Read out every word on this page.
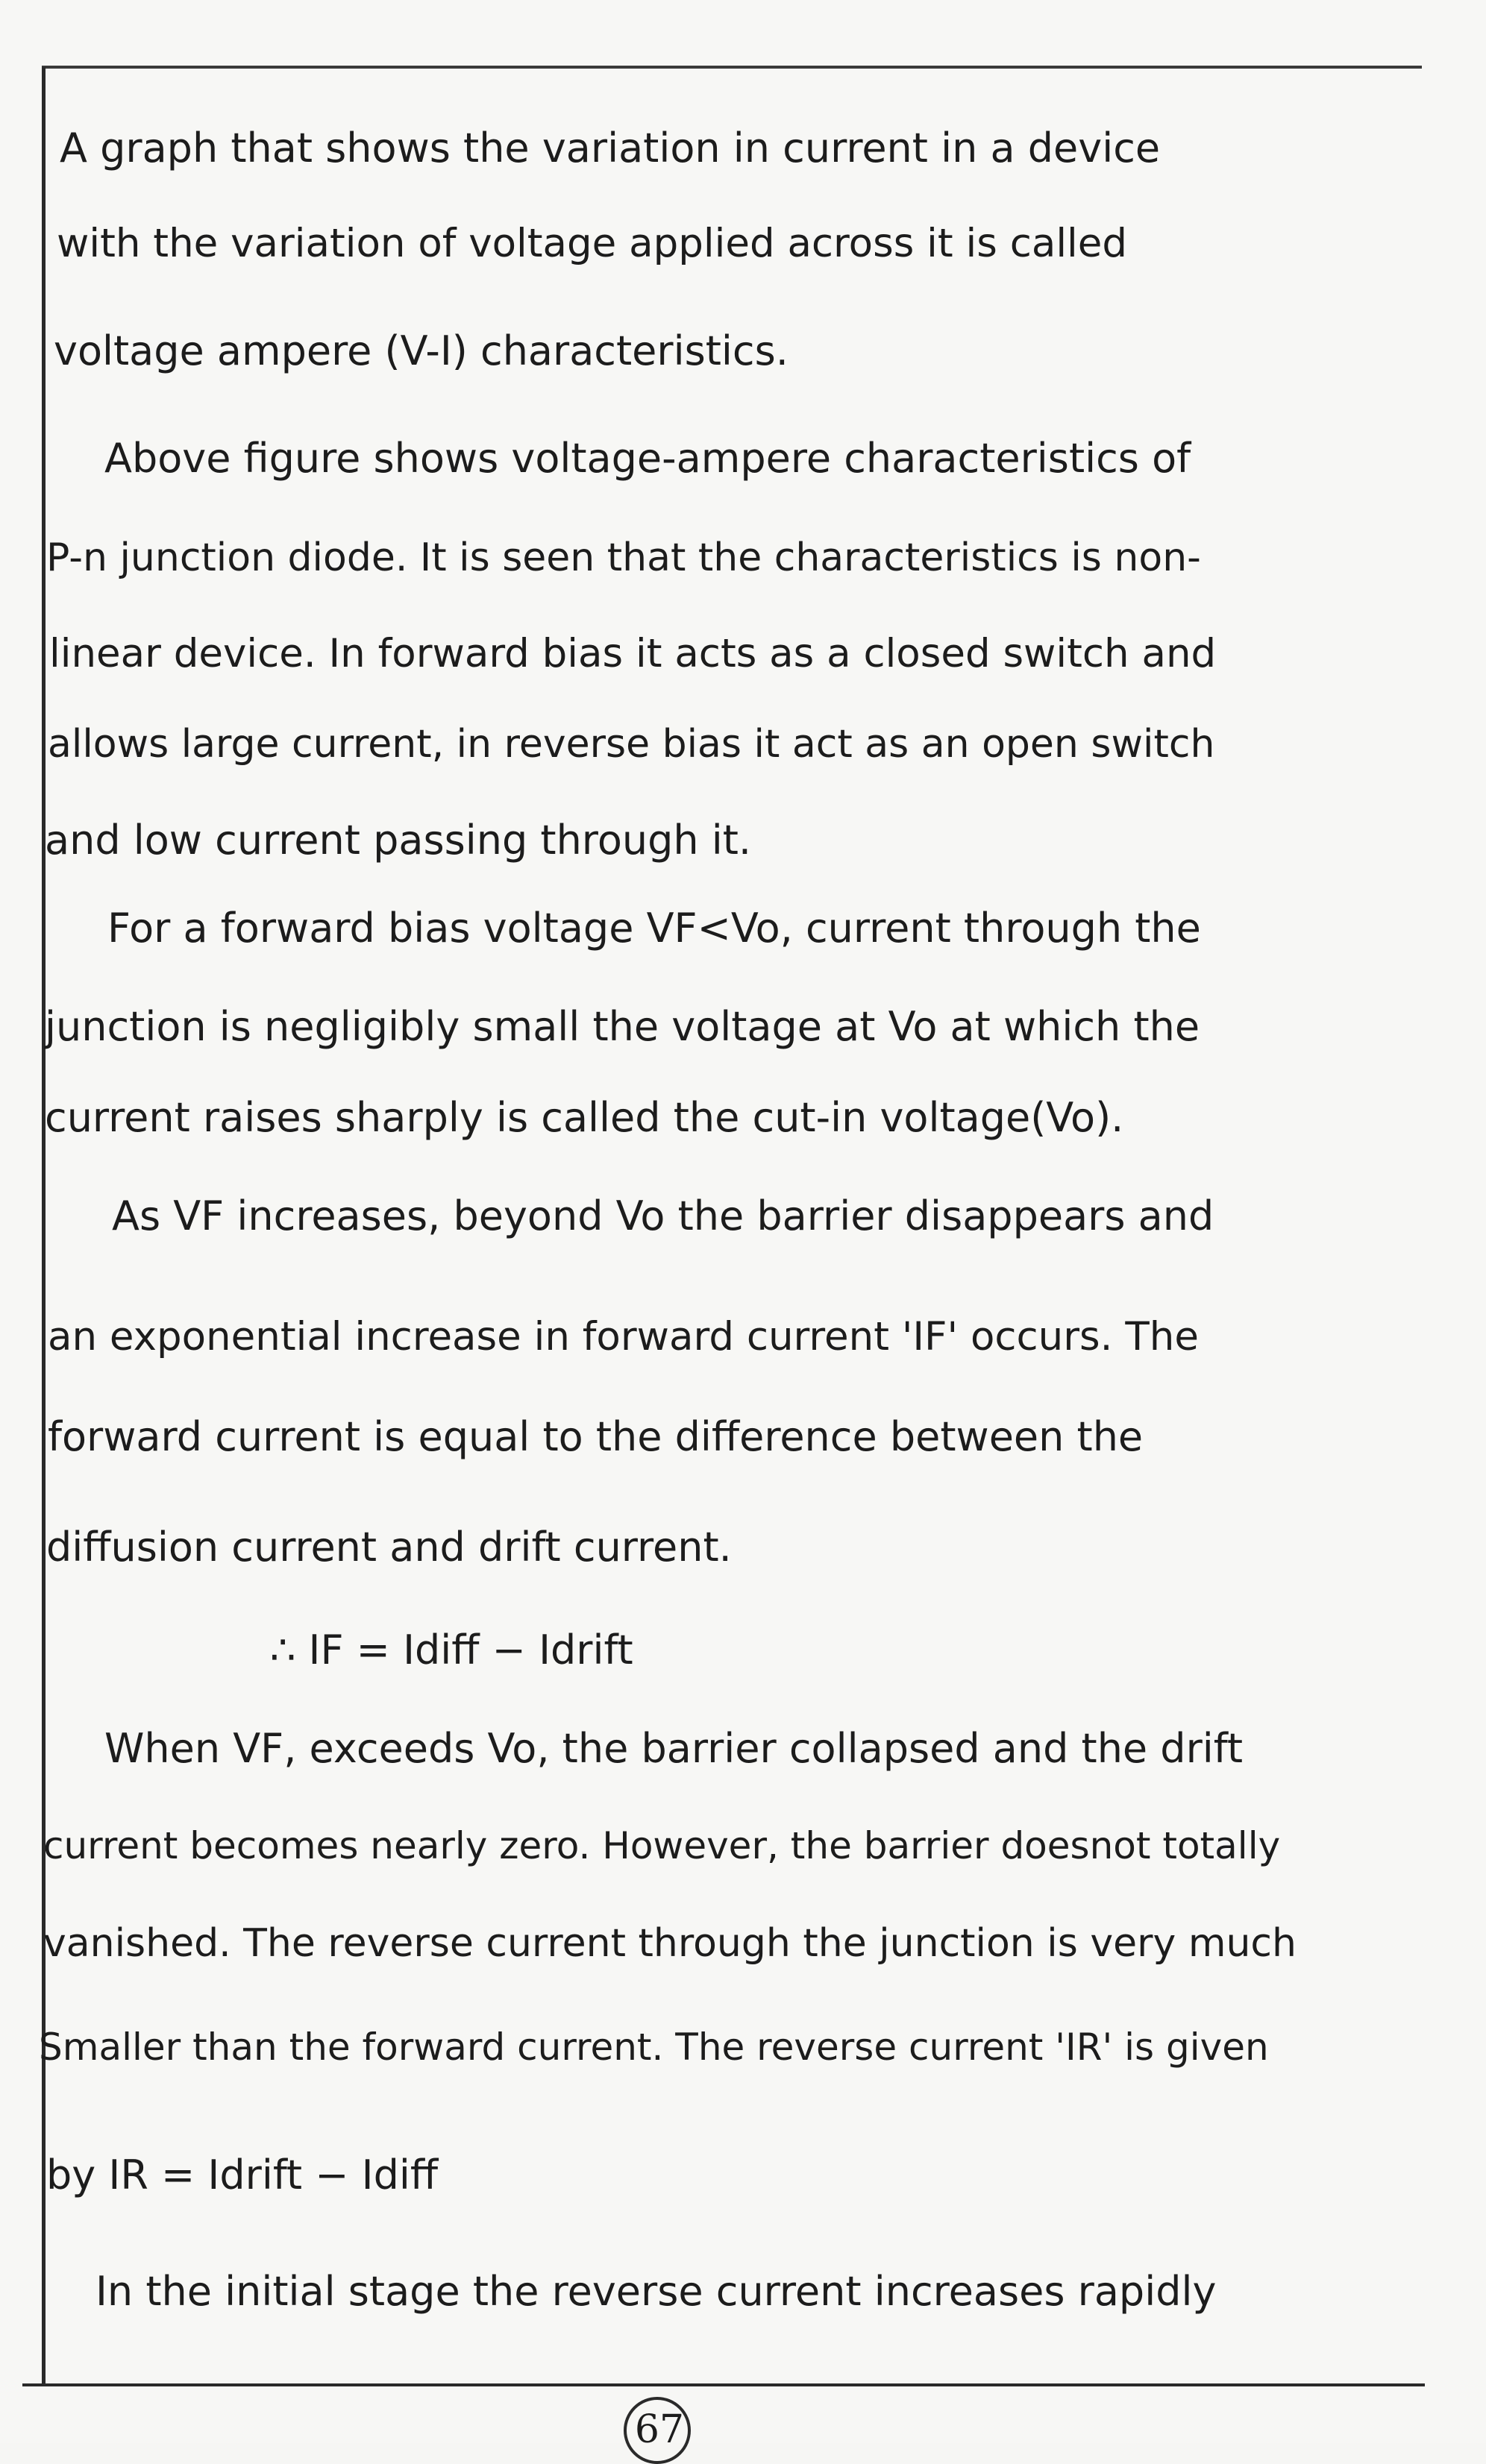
A graph that shows the variation in current in a device
with the variation of voltage applied across it is called
voltage ampere (V-I) characteristics.
Above figure shows voltage-ampere characteristics of
P-n junction diode. It is seen that the characteristics is non-
linear device. In forward bias it acts as a closed switch and
allows large current, in reverse bias it act as an open switch
and low current passing through it.
For a forward bias voltage VF<Vo, current through the
junction is negligibly small the voltage at Vo at which the
current raises sharply is called the cut-in voltage(Vo).
As VF increases, beyond Vo the barrier disappears and
an exponential increase in forward current 'IF' occurs. The
forward current is equal to the difference between the
diffusion current and drift current.
∴ IF = Idiff − Idrift
When VF, exceeds Vo, the barrier collapsed and the drift
current becomes nearly zero. However, the barrier doesnot totally
vanished. The reverse current through the junction is very much
Smaller than the forward current. The reverse current 'IR' is given
by IR = Idrift − Idiff
In the initial stage the reverse current increases rapidly
67
